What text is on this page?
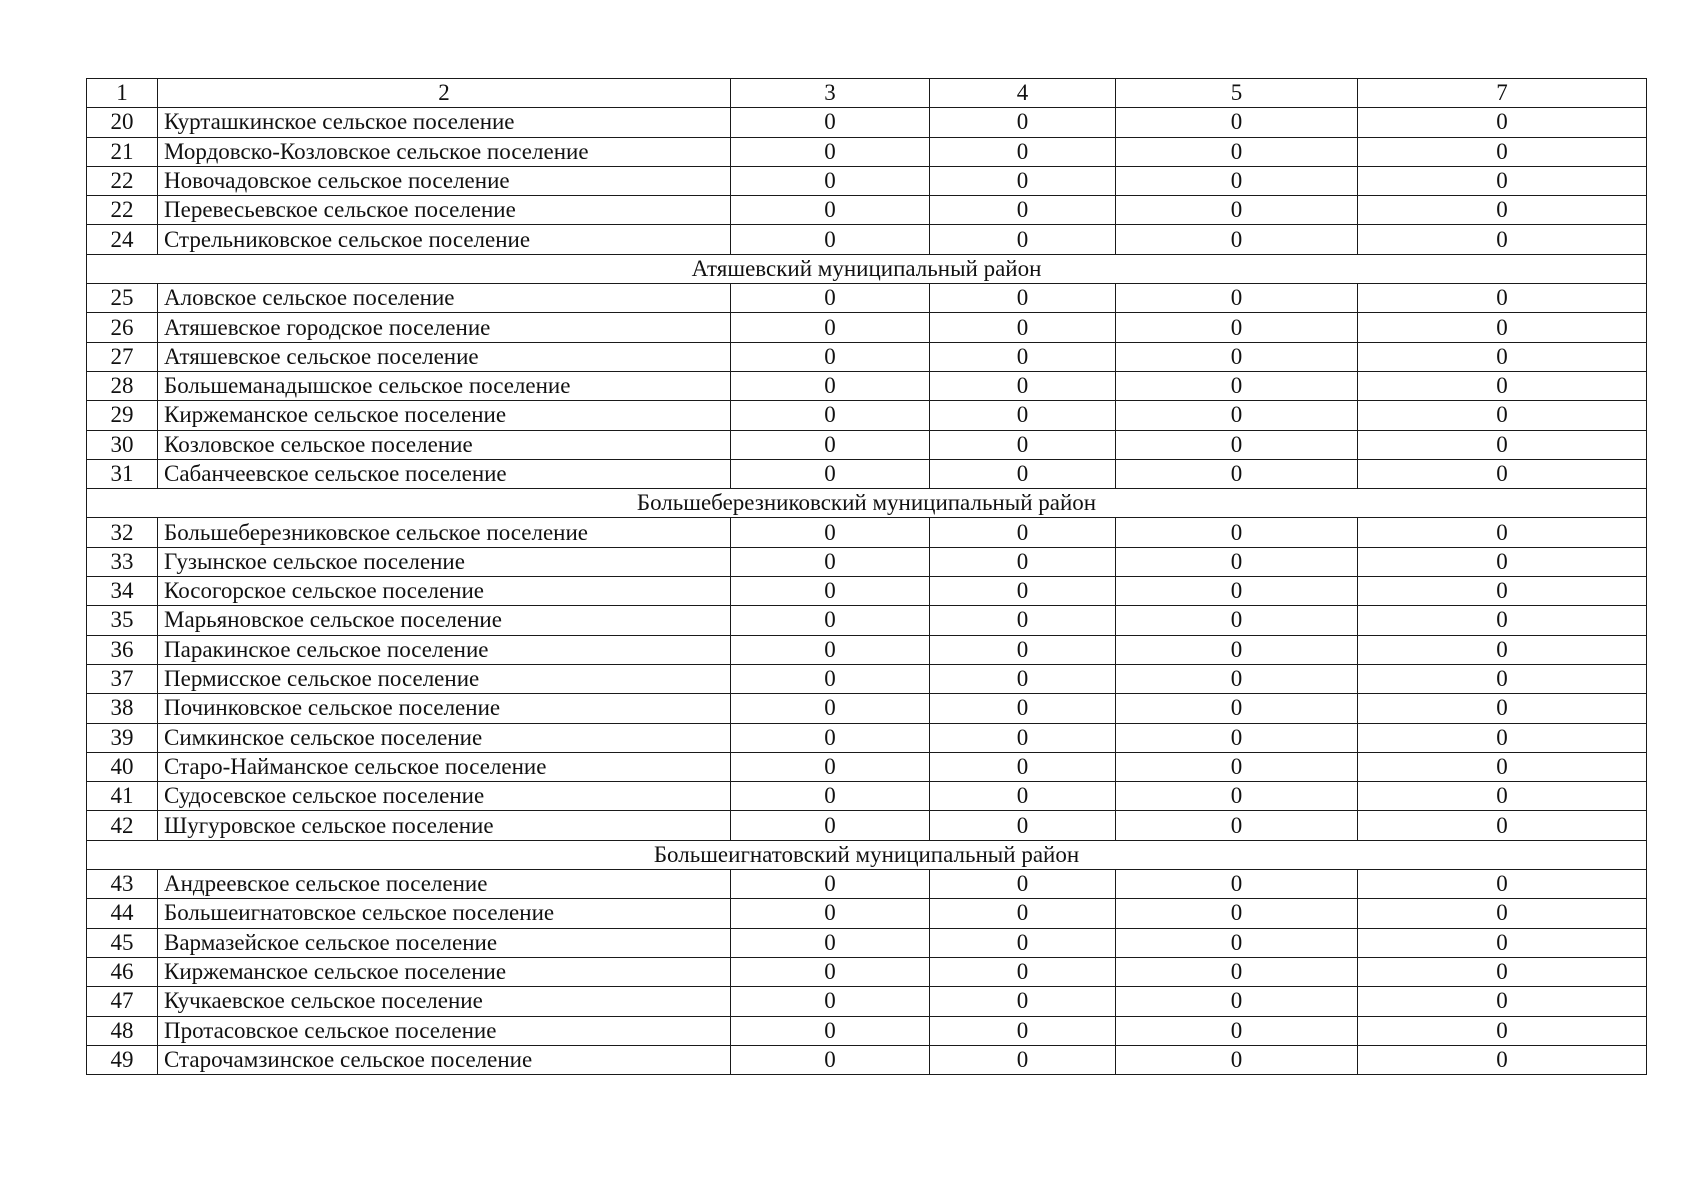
1	2	3	4	5	7
20	Курташкинское сельское поселение	0	0	0	0
21	Мордовско-Козловское сельское поселение	0	0	0	0
22	Новочадовское сельское поселение	0	0	0	0
22	Перевесьевское сельское поселение	0	0	0	0
24	Стрельниковское сельское поселение	0	0	0	0
Атяшевский муниципальный район					
25	Аловское сельское поселение	0	0	0	0
26	Атяшевское городское поселение	0	0	0	0
27	Атяшевское сельское поселение	0	0	0	0
28	Большеманадышское сельское поселение	0	0	0	0
29	Киржеманское сельское поселение	0	0	0	0
30	Козловское сельское поселение	0	0	0	0
31	Сабанчеевское сельское поселение	0	0	0	0
Большеберезниковский муниципальный район					
32	Большеберезниковское сельское поселение	0	0	0	0
33	Гузынское сельское поселение	0	0	0	0
34	Косогорское сельское поселение	0	0	0	0
35	Марьяновское сельское поселение	0	0	0	0
36	Паракинское сельское поселение	0	0	0	0
37	Пермисское сельское поселение	0	0	0	0
38	Починковское сельское поселение	0	0	0	0
39	Симкинское сельское поселение	0	0	0	0
40	Старо-Найманское сельское поселение	0	0	0	0
41	Судосевское сельское поселение	0	0	0	0
42	Шугуровское сельское поселение	0	0	0	0
Большеигнатовский муниципальный район					
43	Андреевское сельское поселение	0	0	0	0
44	Большеигнатовское сельское поселение	0	0	0	0
45	Вармазейское сельское поселение	0	0	0	0
46	Киржеманское сельское поселение	0	0	0	0
47	Кучкаевское сельское поселение	0	0	0	0
48	Протасовское сельское поселение	0	0	0	0
49	Старочамзинское сельское поселение	0	0	0	0
